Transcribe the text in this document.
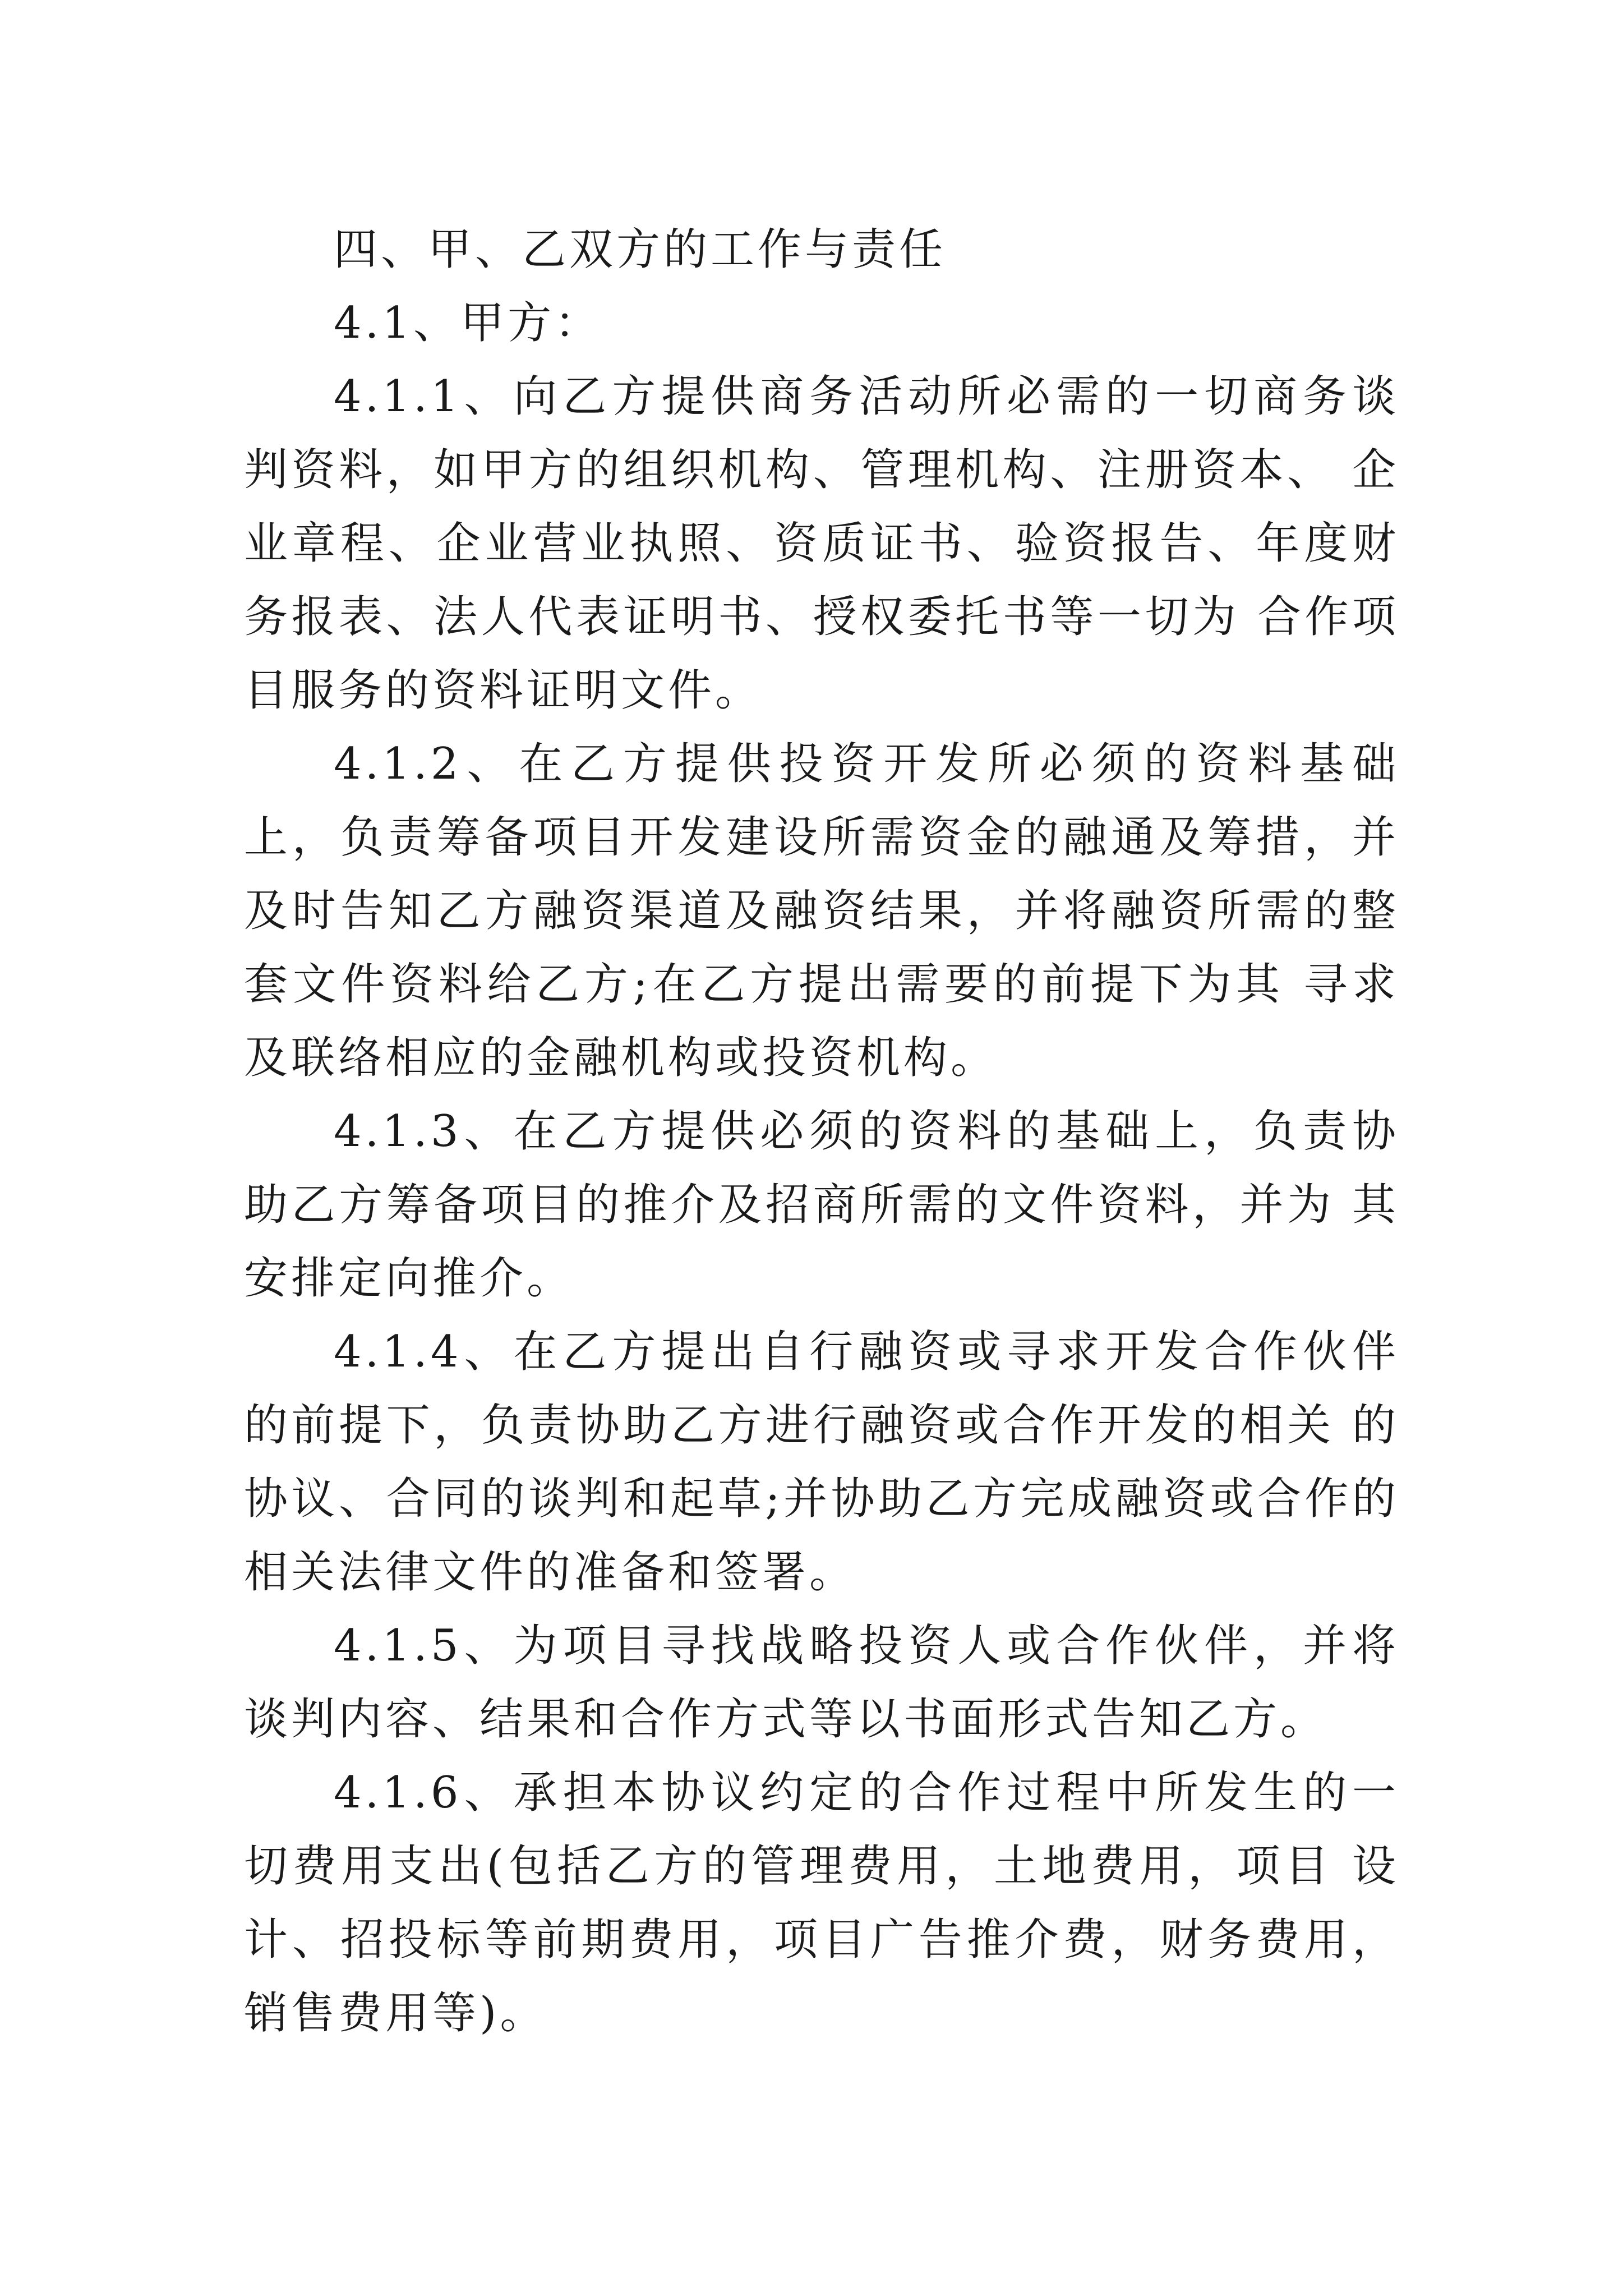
四、甲、乙双方的工作与责任

4.1、甲方：

4.1.1、向乙方提供商务活动所必需的一切商务谈判资料，如甲方的组织机构、管理机构、注册资本、 企业章程、企业营业执照、资质证书、验资报告、年度财务报表、法人代表证明书、授权委托书等一切为 合作项目服务的资料证明文件。

4.1.2、在乙方提供投资开发所必须的资料基础上，负责筹备项目开发建设所需资金的融通及筹措，并 及时告知乙方融资渠道及融资结果，并将融资所需的整套文件资料给乙方;在乙方提出需要的前提下为其 寻求及联络相应的金融机构或投资机构。

4.1.3、在乙方提供必须的资料的基础上，负责协助乙方筹备项目的推介及招商所需的文件资料，并为 其安排定向推介。

4.1.4、在乙方提出自行融资或寻求开发合作伙伴的前提下，负责协助乙方进行融资或合作开发的相关 的协议、合同的谈判和起草;并协助乙方完成融资或合作的相关法律文件的准备和签署。

4.1.5、为项目寻找战略投资人或合作伙伴，并将谈判内容、结果和合作方式等以书面形式告知乙方。

4.1.6、承担本协议约定的合作过程中所发生的一切费用支出(包括乙方的管理费用，土地费用，项目 设计、招投标等前期费用，项目广告推介费，财务费用，销售费用等)。
